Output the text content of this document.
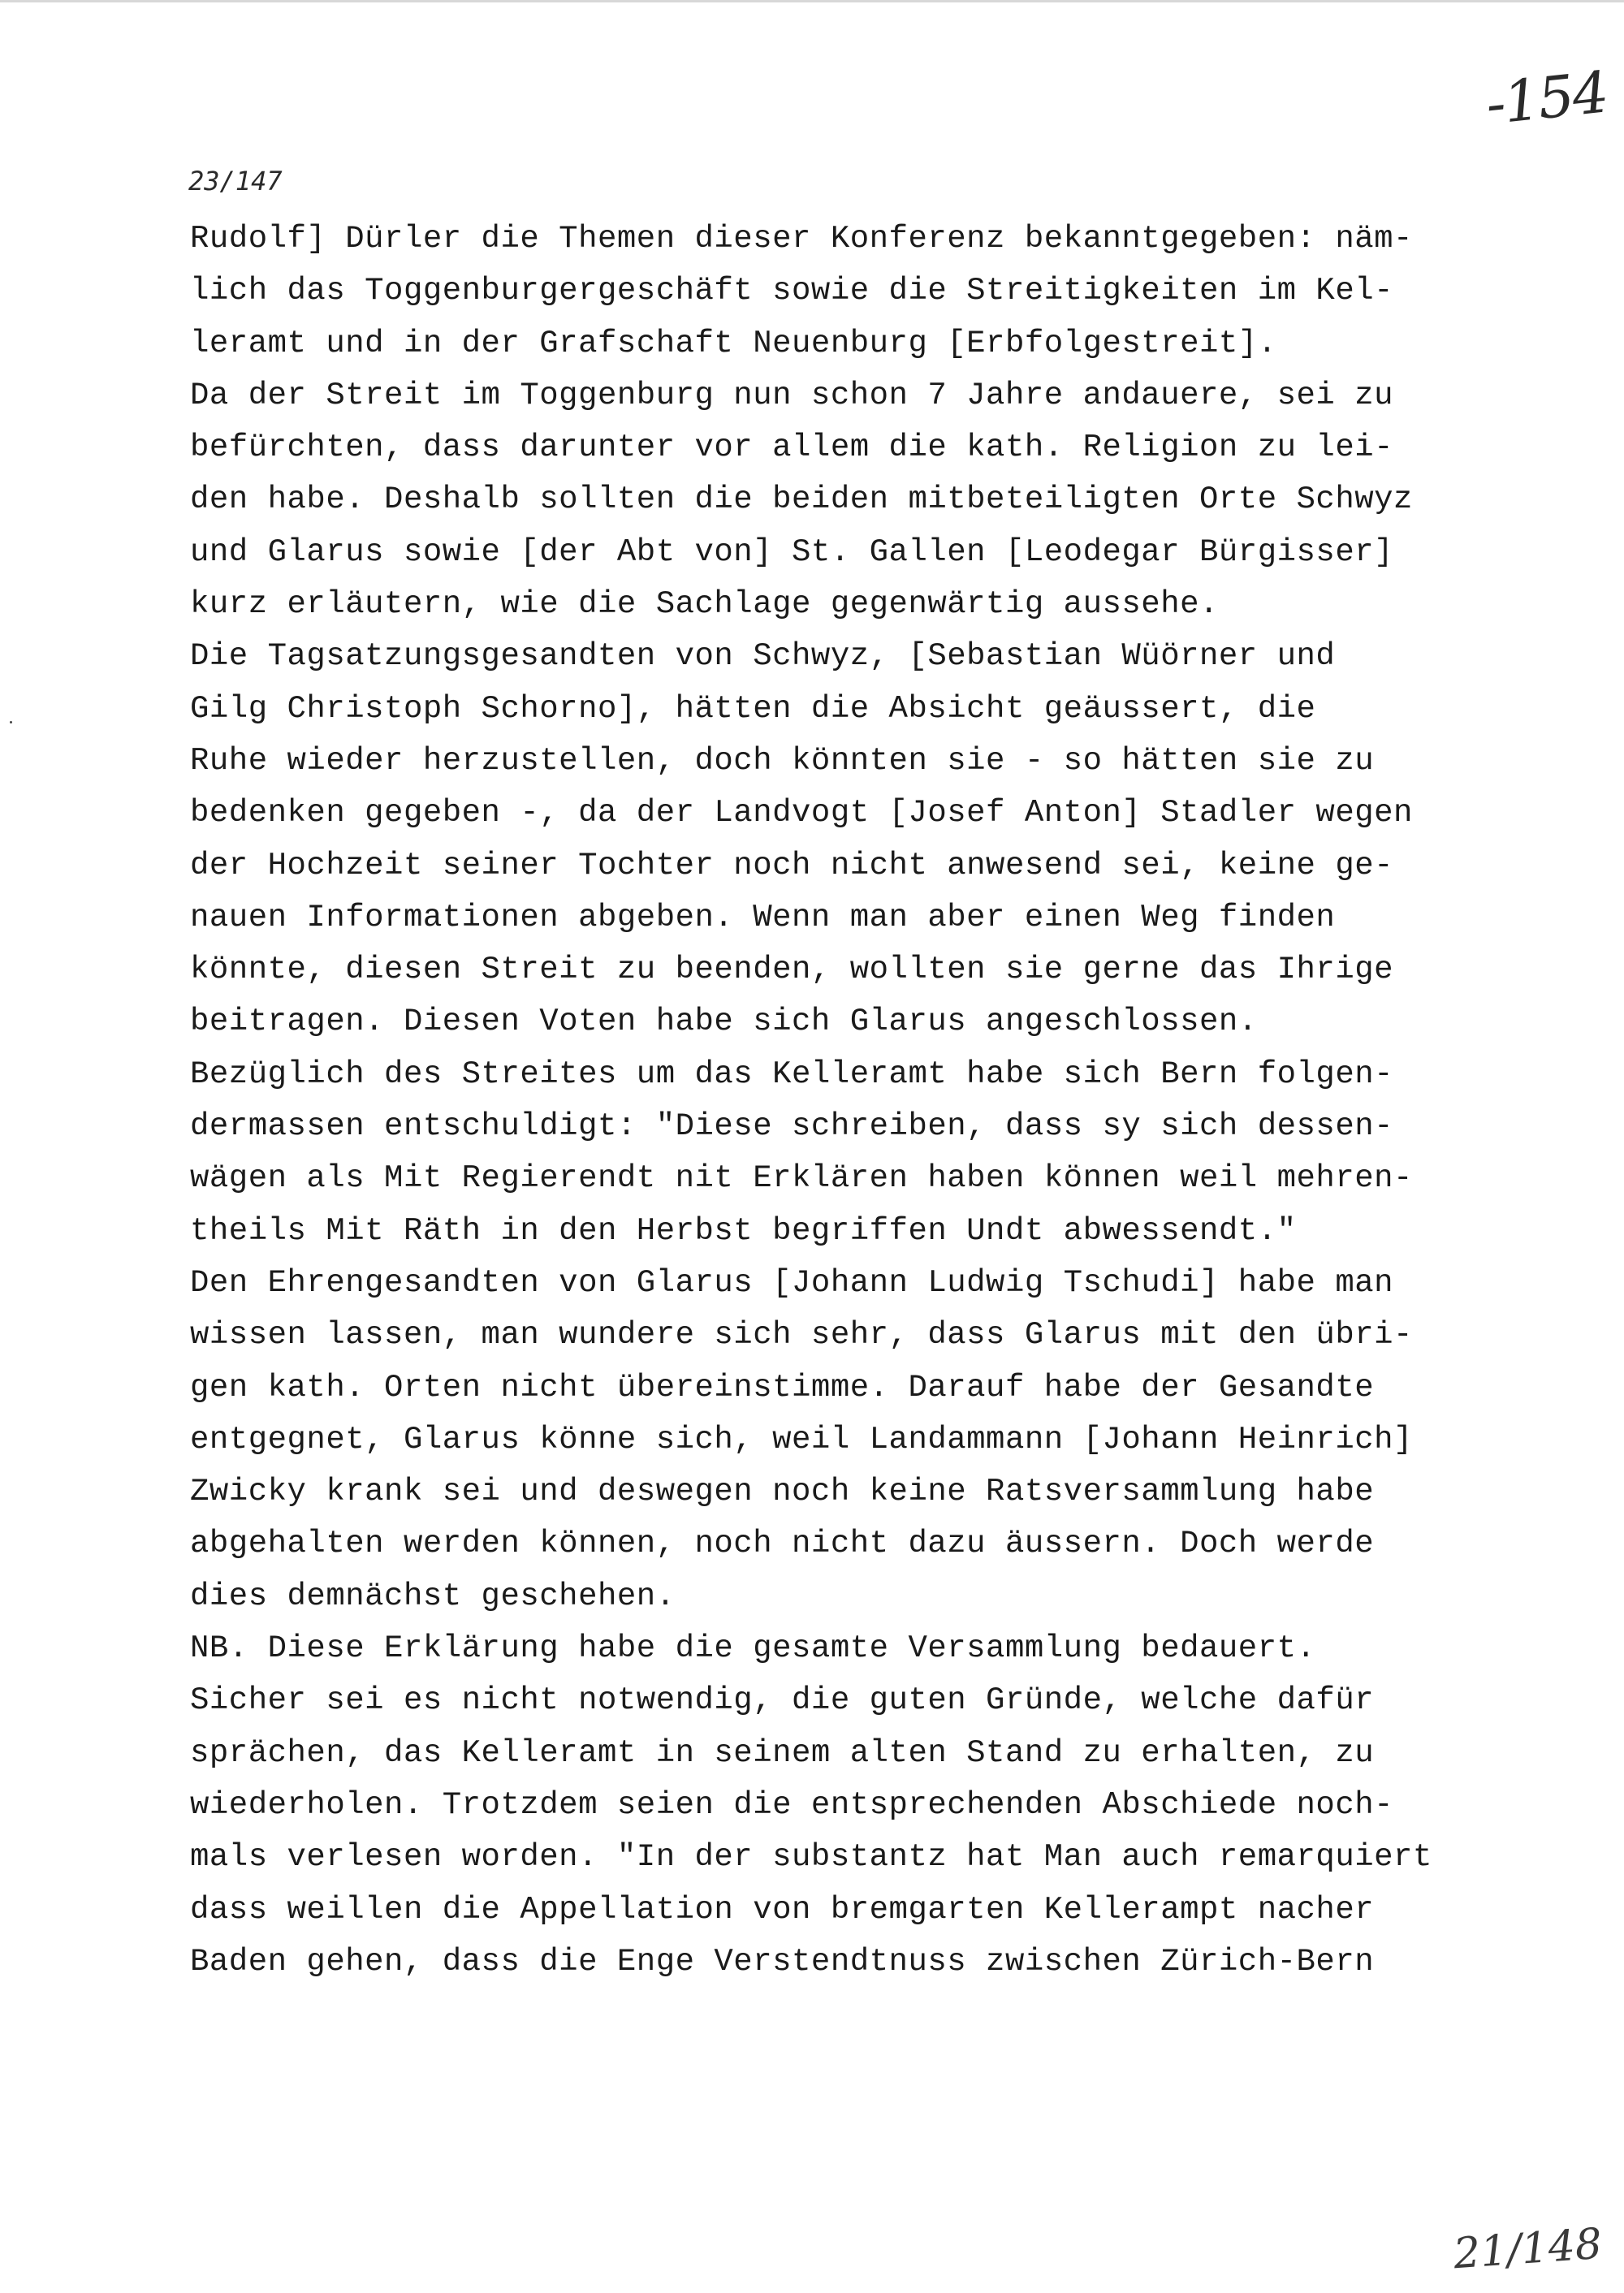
-154
23/147
Rudolf] Dürler die Themen dieser Konferenz bekanntgegeben: näm-
lich das Toggenburgergeschäft sowie die Streitigkeiten im Kel-
leramt und in der Grafschaft Neuenburg [Erbfolgestreit].
Da der Streit im Toggenburg nun schon 7 Jahre andauere, sei zu
befürchten, dass darunter vor allem die kath. Religion zu lei-
den habe. Deshalb sollten die beiden mitbeteiligten Orte Schwyz
und Glarus sowie [der Abt von] St. Gallen [Leodegar Bürgisser]
kurz erläutern, wie die Sachlage gegenwärtig aussehe.
Die Tagsatzungsgesandten von Schwyz, [Sebastian Wüörner und
Gilg Christoph Schorno], hätten die Absicht geäussert, die
Ruhe wieder herzustellen, doch könnten sie - so hätten sie zu
bedenken gegeben -, da der Landvogt [Josef Anton] Stadler wegen
der Hochzeit seiner Tochter noch nicht anwesend sei, keine ge-
nauen Informationen abgeben. Wenn man aber einen Weg finden
könnte, diesen Streit zu beenden, wollten sie gerne das Ihrige
beitragen. Diesen Voten habe sich Glarus angeschlossen.
Bezüglich des Streites um das Kelleramt habe sich Bern folgen-
dermassen entschuldigt: "Diese schreiben, dass sy sich dessen-
wägen als Mit Regierendt nit Erklären haben können weil mehren-
theils Mit Räth in den Herbst begriffen Undt abwessendt."
Den Ehrengesandten von Glarus [Johann Ludwig Tschudi] habe man
wissen lassen, man wundere sich sehr, dass Glarus mit den übri-
gen kath. Orten nicht übereinstimme. Darauf habe der Gesandte
entgegnet, Glarus könne sich, weil Landammann [Johann Heinrich]
Zwicky krank sei und deswegen noch keine Ratsversammlung habe
abgehalten werden können, noch nicht dazu äussern. Doch werde
dies demnächst geschehen.
NB. Diese Erklärung habe die gesamte Versammlung bedauert.
Sicher sei es nicht notwendig, die guten Gründe, welche dafür
sprächen, das Kelleramt in seinem alten Stand zu erhalten, zu
wiederholen. Trotzdem seien die entsprechenden Abschiede noch-
mals verlesen worden. "In der substantz hat Man auch remarquiert
dass weillen die Appellation von bremgarten Kellerampt nacher
Baden gehen, dass die Enge Verstendtnuss zwischen Zürich-Bern
21/148
